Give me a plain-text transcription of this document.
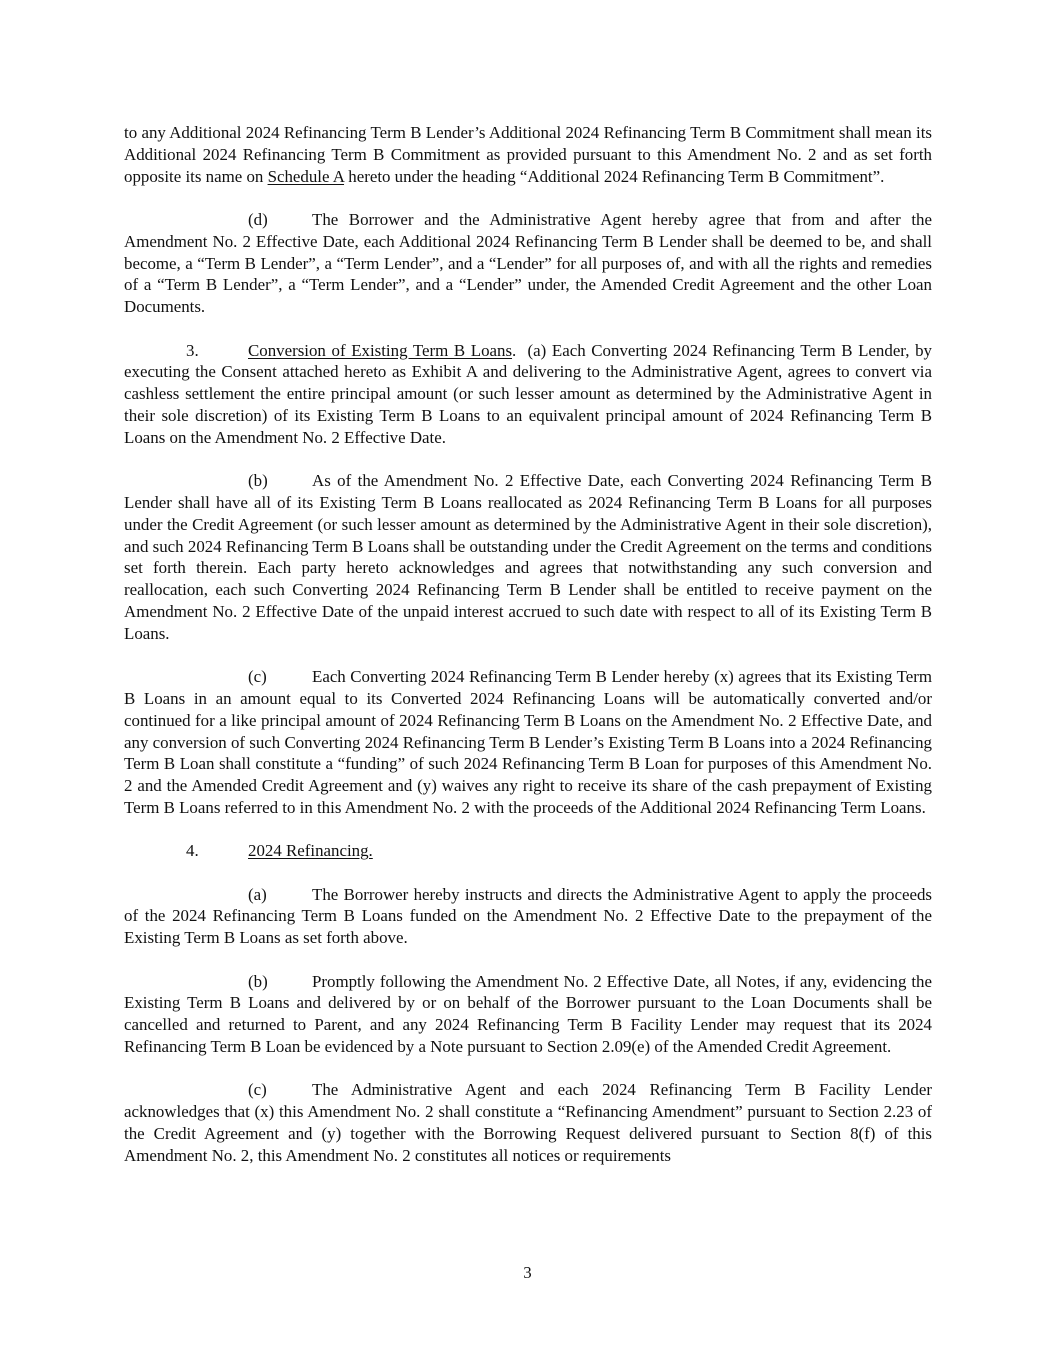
to any Additional 2024 Refinancing Term B Lender’s Additional 2024 Refinancing Term B Commitment shall mean its Additional 2024 Refinancing Term B Commitment as provided pursuant to this Amendment No. 2 and as set forth opposite its name on Schedule A hereto under the heading “Additional 2024 Refinancing Term B Commitment”.

(d)	The Borrower and the Administrative Agent hereby agree that from and after the Amendment No. 2 Effective Date, each Additional 2024 Refinancing Term B Lender shall be deemed to be, and shall become, a “Term B Lender”, a “Term Lender”, and a “Lender” for all purposes of, and with all the rights and remedies of a “Term B Lender”, a “Term Lender”, and a “Lender” under, the Amended Credit Agreement and the other Loan Documents.

3.	Conversion of Existing Term B Loans. (a) Each Converting 2024 Refinancing Term B Lender, by executing the Consent attached hereto as Exhibit A and delivering to the Administrative Agent, agrees to convert via cashless settlement the entire principal amount (or such lesser amount as determined by the Administrative Agent in their sole discretion) of its Existing Term B Loans to an equivalent principal amount of 2024 Refinancing Term B Loans on the Amendment No. 2 Effective Date.

(b)	As of the Amendment No. 2 Effective Date, each Converting 2024 Refinancing Term B Lender shall have all of its Existing Term B Loans reallocated as 2024 Refinancing Term B Loans for all purposes under the Credit Agreement (or such lesser amount as determined by the Administrative Agent in their sole discretion), and such 2024 Refinancing Term B Loans shall be outstanding under the Credit Agreement on the terms and conditions set forth therein. Each party hereto acknowledges and agrees that notwithstanding any such conversion and reallocation, each such Converting 2024 Refinancing Term B Lender shall be entitled to receive payment on the Amendment No. 2 Effective Date of the unpaid interest accrued to such date with respect to all of its Existing Term B Loans.

(c)	Each Converting 2024 Refinancing Term B Lender hereby (x) agrees that its Existing Term B Loans in an amount equal to its Converted 2024 Refinancing Loans will be automatically converted and/or continued for a like principal amount of 2024 Refinancing Term B Loans on the Amendment No. 2 Effective Date, and any conversion of such Converting 2024 Refinancing Term B Lender’s Existing Term B Loans into a 2024 Refinancing Term B Loan shall constitute a “funding” of such 2024 Refinancing Term B Loan for purposes of this Amendment No. 2 and the Amended Credit Agreement and (y) waives any right to receive its share of the cash prepayment of Existing Term B Loans referred to in this Amendment No. 2 with the proceeds of the Additional 2024 Refinancing Term Loans.

4.	2024 Refinancing.

(a)	The Borrower hereby instructs and directs the Administrative Agent to apply the proceeds of the 2024 Refinancing Term B Loans funded on the Amendment No. 2 Effective Date to the prepayment of the Existing Term B Loans as set forth above.

(b)	Promptly following the Amendment No. 2 Effective Date, all Notes, if any, evidencing the Existing Term B Loans and delivered by or on behalf of the Borrower pursuant to the Loan Documents shall be cancelled and returned to Parent, and any 2024 Refinancing Term B Facility Lender may request that its 2024 Refinancing Term B Loan be evidenced by a Note pursuant to Section 2.09(e) of the Amended Credit Agreement.

(c)	The Administrative Agent and each 2024 Refinancing Term B Facility Lender acknowledges that (x) this Amendment No. 2 shall constitute a “Refinancing Amendment” pursuant to Section 2.23 of the Credit Agreement and (y) together with the Borrowing Request delivered pursuant to Section 8(f) of this Amendment No. 2, this Amendment No. 2 constitutes all notices or requirements

3
